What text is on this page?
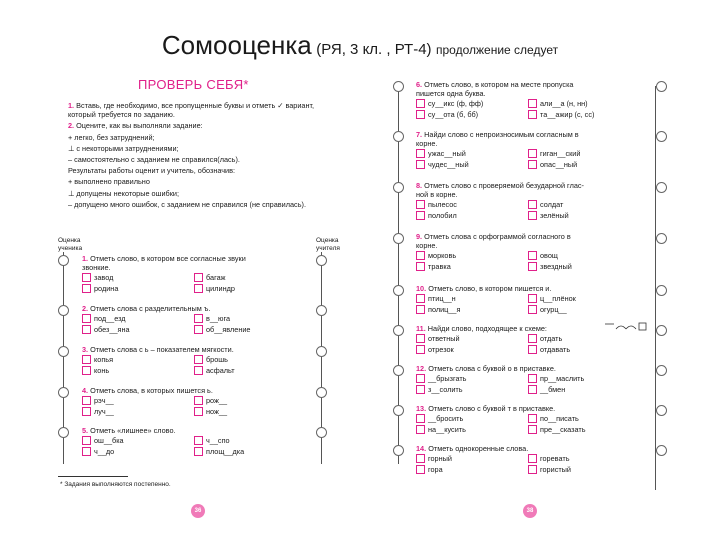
Сомооценка (РЯ, 3 кл. , РТ-4) продолжение следует
ПРОВЕРЬ СЕБЯ*
1. Вставь, где необходимо, все пропущенные буквы и отметь ✓ вариант, который требуется по заданию.
2. Оцените, как вы выполняли задание:
+ легко, без затруднений;
⊥ с некоторыми затруднениями;
– самостоятельно с заданием не справился(лась).
Результаты работы оценит и учитель, обозначив:
+ выполнено правильно
⊥ допущены некоторые ошибки;
– допущено много ошибок, с заданием не справился (не справилась).
Оценка
ученика
Оценка
учителя
1. Отметь слово, в котором все согласные звуки
звонкие.
завод	багаж
родина	цилиндр
2. Отметь слова с разделительным ъ.
под__езд	в__юга
обез__яна	об__явление
3. Отметь слова с ь – показателем мягкости.
копья	брошь
конь	асфальт
4. Отметь слова, в которых пишется ь.
рэч__	рож__
луч__	нож__
5. Отметь «лишнее» слово.
ош__бка	ч__спо
ч__до	площ__дка
* Задания выполняются постепенно.
36
6. Отметь слово, в котором на месте пропуска
пишется одна буква.
су__икс (ф, фф)	али__а (н, нн)
су__ота (б, бб)	та__ажир (с, сс)
7. Найди слово с непроизносимым согласным в
корне.
ужас__ный	гиган__ский
чудес__ный	опас__ный
8. Отметь слово с проверяемой безударной глас-
ной в корне.
пылесос	солдат
полобил	зелёный
9. Отметь слова с орфограммой согласного в
корне.
морковь	овощ
травка	звездный
10. Отметь слово, в котором пишется и.
птиц__н	ц__плёнок
полиц__я	огурц__
11. Найди слово, подходящее к схеме:
ответный	отдать
отрезок	отдавать
12. Отметь слова с буквой о в приставке.
__брызгать	пр__маслить
з__солить	__бмен
13. Отметь слово с буквой т в приставке.
__бросить	по__писать
на__кусить	пре__сказать
14. Отметь однокоренные слова.
горный	горевать
гора	гористый
38
